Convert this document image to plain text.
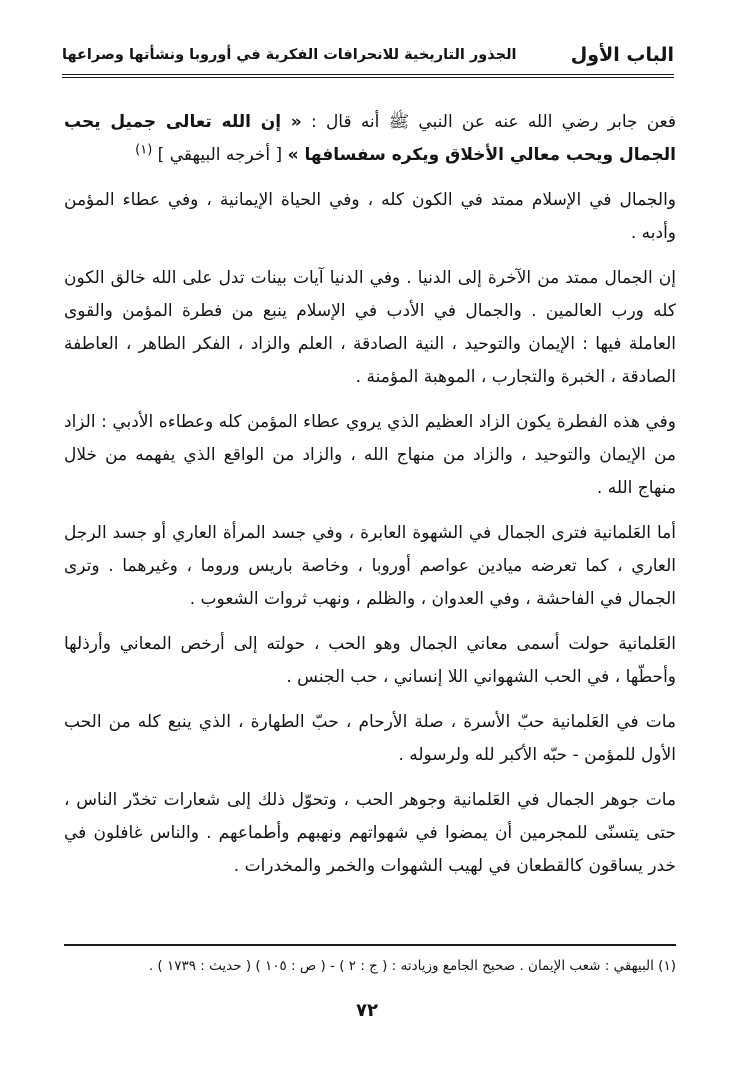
الباب الأول
الجذور التاريخية للانحرافات الفكرية في أوروبا ونشأتها وصراعها

فعن جابر رضي الله عنه عن النبي ﷺ أنه قال : « إن الله تعالى جميل يحب الجمال ويحب معالي الأخلاق ويكره سفسافها » [ أخرجه البيهقي ] $^{(١)}$

والجمال في الإسلام ممتد في الكون كله ، وفي الحياة الإيمانية ، وفي عطاء المؤمن وأدبه .

إن الجمال ممتد من الآخرة إلى الدنيا . وفي الدنيا آيات بينات تدل على الله خالق الكون كله ورب العالمين . والجمال في الأدب في الإسلام ينبع من فطرة المؤمن والقوى العاملة فيها : الإيمان والتوحيد ، النية الصادقة ، العلم والزاد ، الفكر الطاهر ، العاطفة الصادقة ، الخبرة والتجارب ، الموهبة المؤمنة .

وفي هذه الفطرة يكون الزاد العظيم الذي يروي عطاء المؤمن كله وعطاءه الأدبي : الزاد من الإيمان والتوحيد ، والزاد من منهاج الله ، والزاد من الواقع الذي يفهمه من خلال منهاج الله .

أما العَلمانية فترى الجمال في الشهوة العابرة ، وفي جسد المرأة العاري أو جسد الرجل العاري ، كما تعرضه ميادين عواصم أوروبا ، وخاصة باريس وروما ، وغيرهما . وترى الجمال في الفاحشة ، وفي العدوان ، والظلم ، ونهب ثروات الشعوب .

العَلمانية حولت أسمى معاني الجمال وهو الحب ، حولته إلى أرخص المعاني وأرذلها وأحطّها ، في الحب الشهواني اللا إنساني ، حب الجنس .

مات في العَلمانية حبّ الأسرة ، صلة الأرحام ، حبّ الطهارة ، الذي ينبع كله من الحب الأول للمؤمن - حبّه الأكبر لله ولرسوله .

مات جوهر الجمال في العَلمانية وجوهر الحب ، وتحوّل ذلك إلى شعارات تخدّر الناس ، حتى يتسنّى للمجرمين أن يمضوا في شهواتهم ونهبهم وأطماعهم . والناس غافلون في خدر يساقون كالقطعان في لهيب الشهوات والخمر والمخدرات .

(١) البيهقي : شعب الإيمان . صحيح الجامع وزيادته : ( ج : ٢ ) - ( ص : ١٠٥ ) ( حديث : ١٧٣٩ ) .
٧٢
